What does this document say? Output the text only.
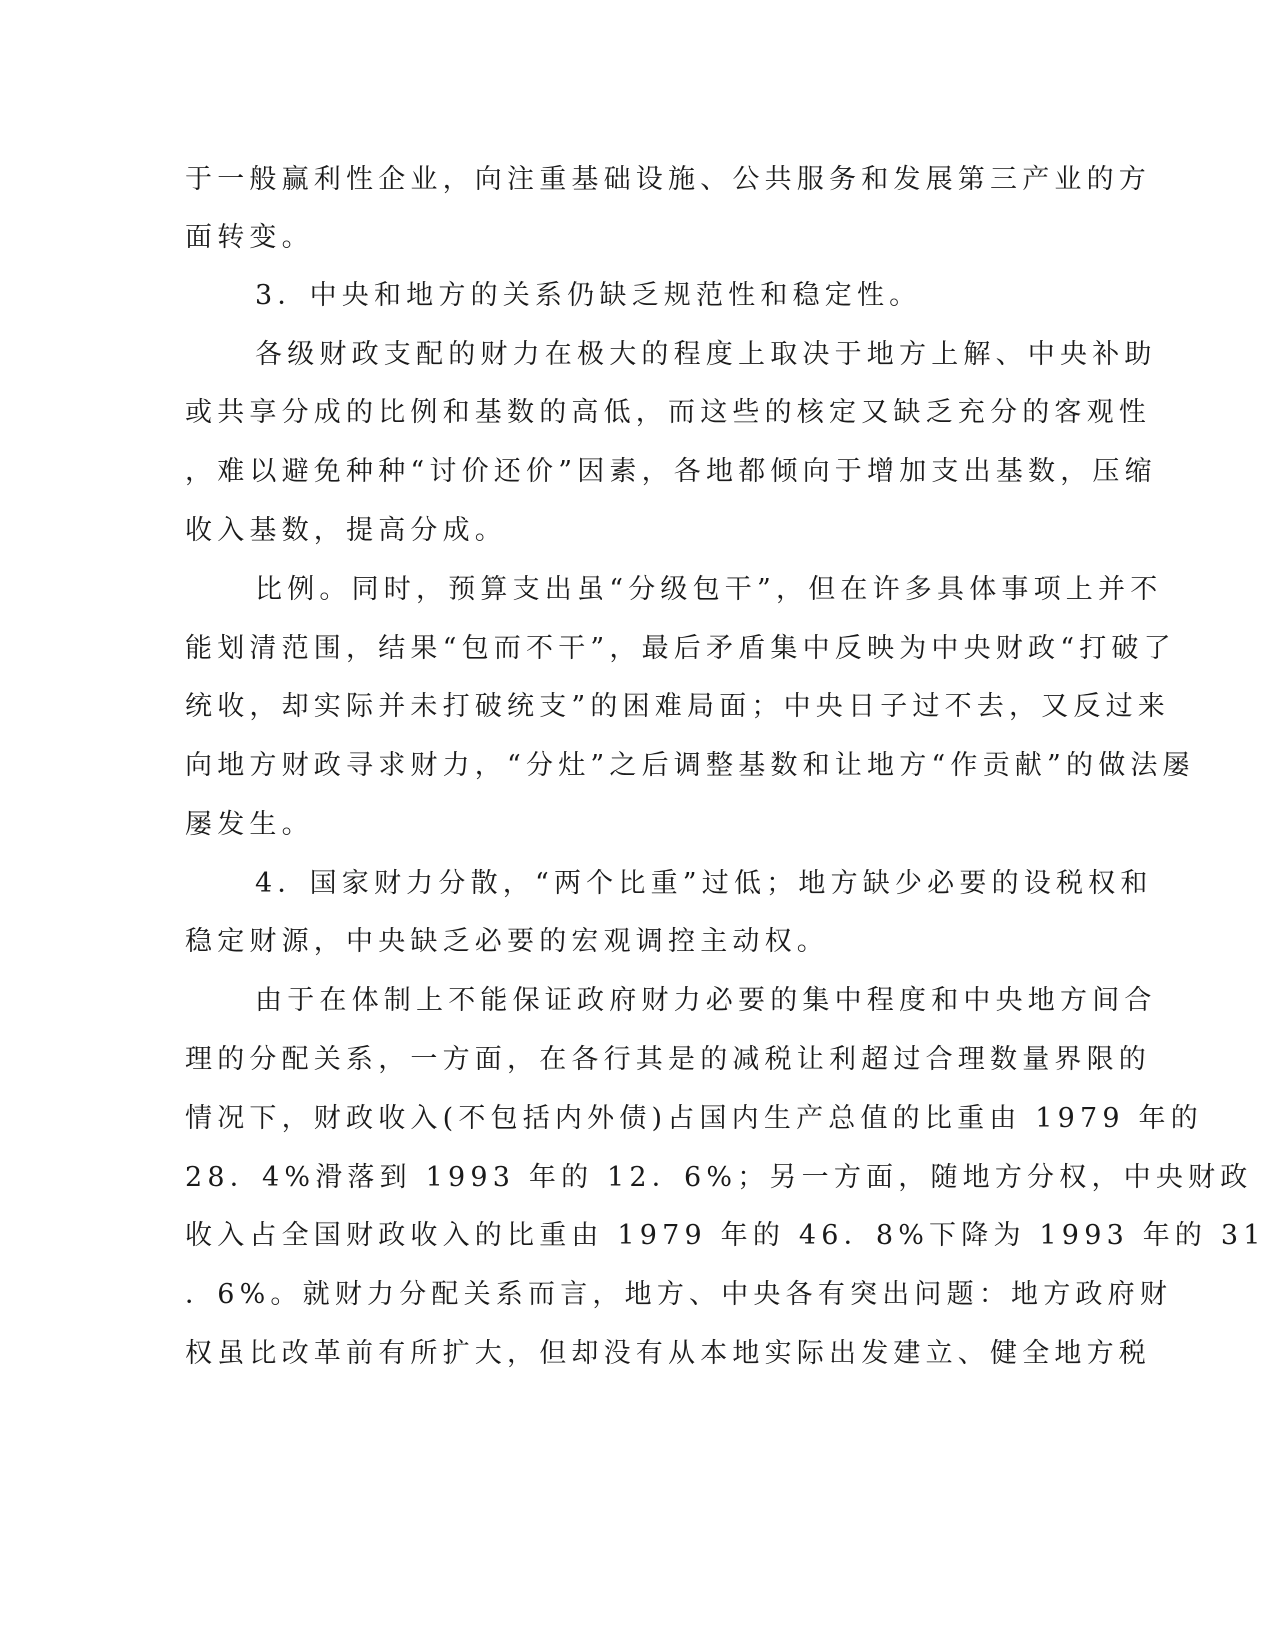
于一般赢利性企业，向注重基础设施、公共服务和发展第三产业的方
面转变。
3．中央和地方的关系仍缺乏规范性和稳定性。
各级财政支配的财力在极大的程度上取决于地方上解、中央补助
或共享分成的比例和基数的高低，而这些的核定又缺乏充分的客观性
，难以避免种种“讨价还价”因素，各地都倾向于增加支出基数，压缩
收入基数，提高分成。
比例。同时，预算支出虽“分级包干”，但在许多具体事项上并不
能划清范围，结果“包而不干”，最后矛盾集中反映为中央财政“打破了
统收，却实际并未打破统支”的困难局面；中央日子过不去，又反过来
向地方财政寻求财力，“分灶”之后调整基数和让地方“作贡献”的做法屡
屡发生。
4．国家财力分散，“两个比重”过低；地方缺少必要的设税权和
稳定财源，中央缺乏必要的宏观调控主动权。
由于在体制上不能保证政府财力必要的集中程度和中央地方间合
理的分配关系，一方面，在各行其是的减税让利超过合理数量界限的
情况下，财政收入(不包括内外债)占国内生产总值的比重由 1979 年的
28．4%滑落到 1993 年的 12．6%；另一方面，随地方分权，中央财政
收入占全国财政收入的比重由 1979 年的 46．8%下降为 1993 年的 31
．6%。就财力分配关系而言，地方、中央各有突出问题：地方政府财
权虽比改革前有所扩大，但却没有从本地实际出发建立、健全地方税
